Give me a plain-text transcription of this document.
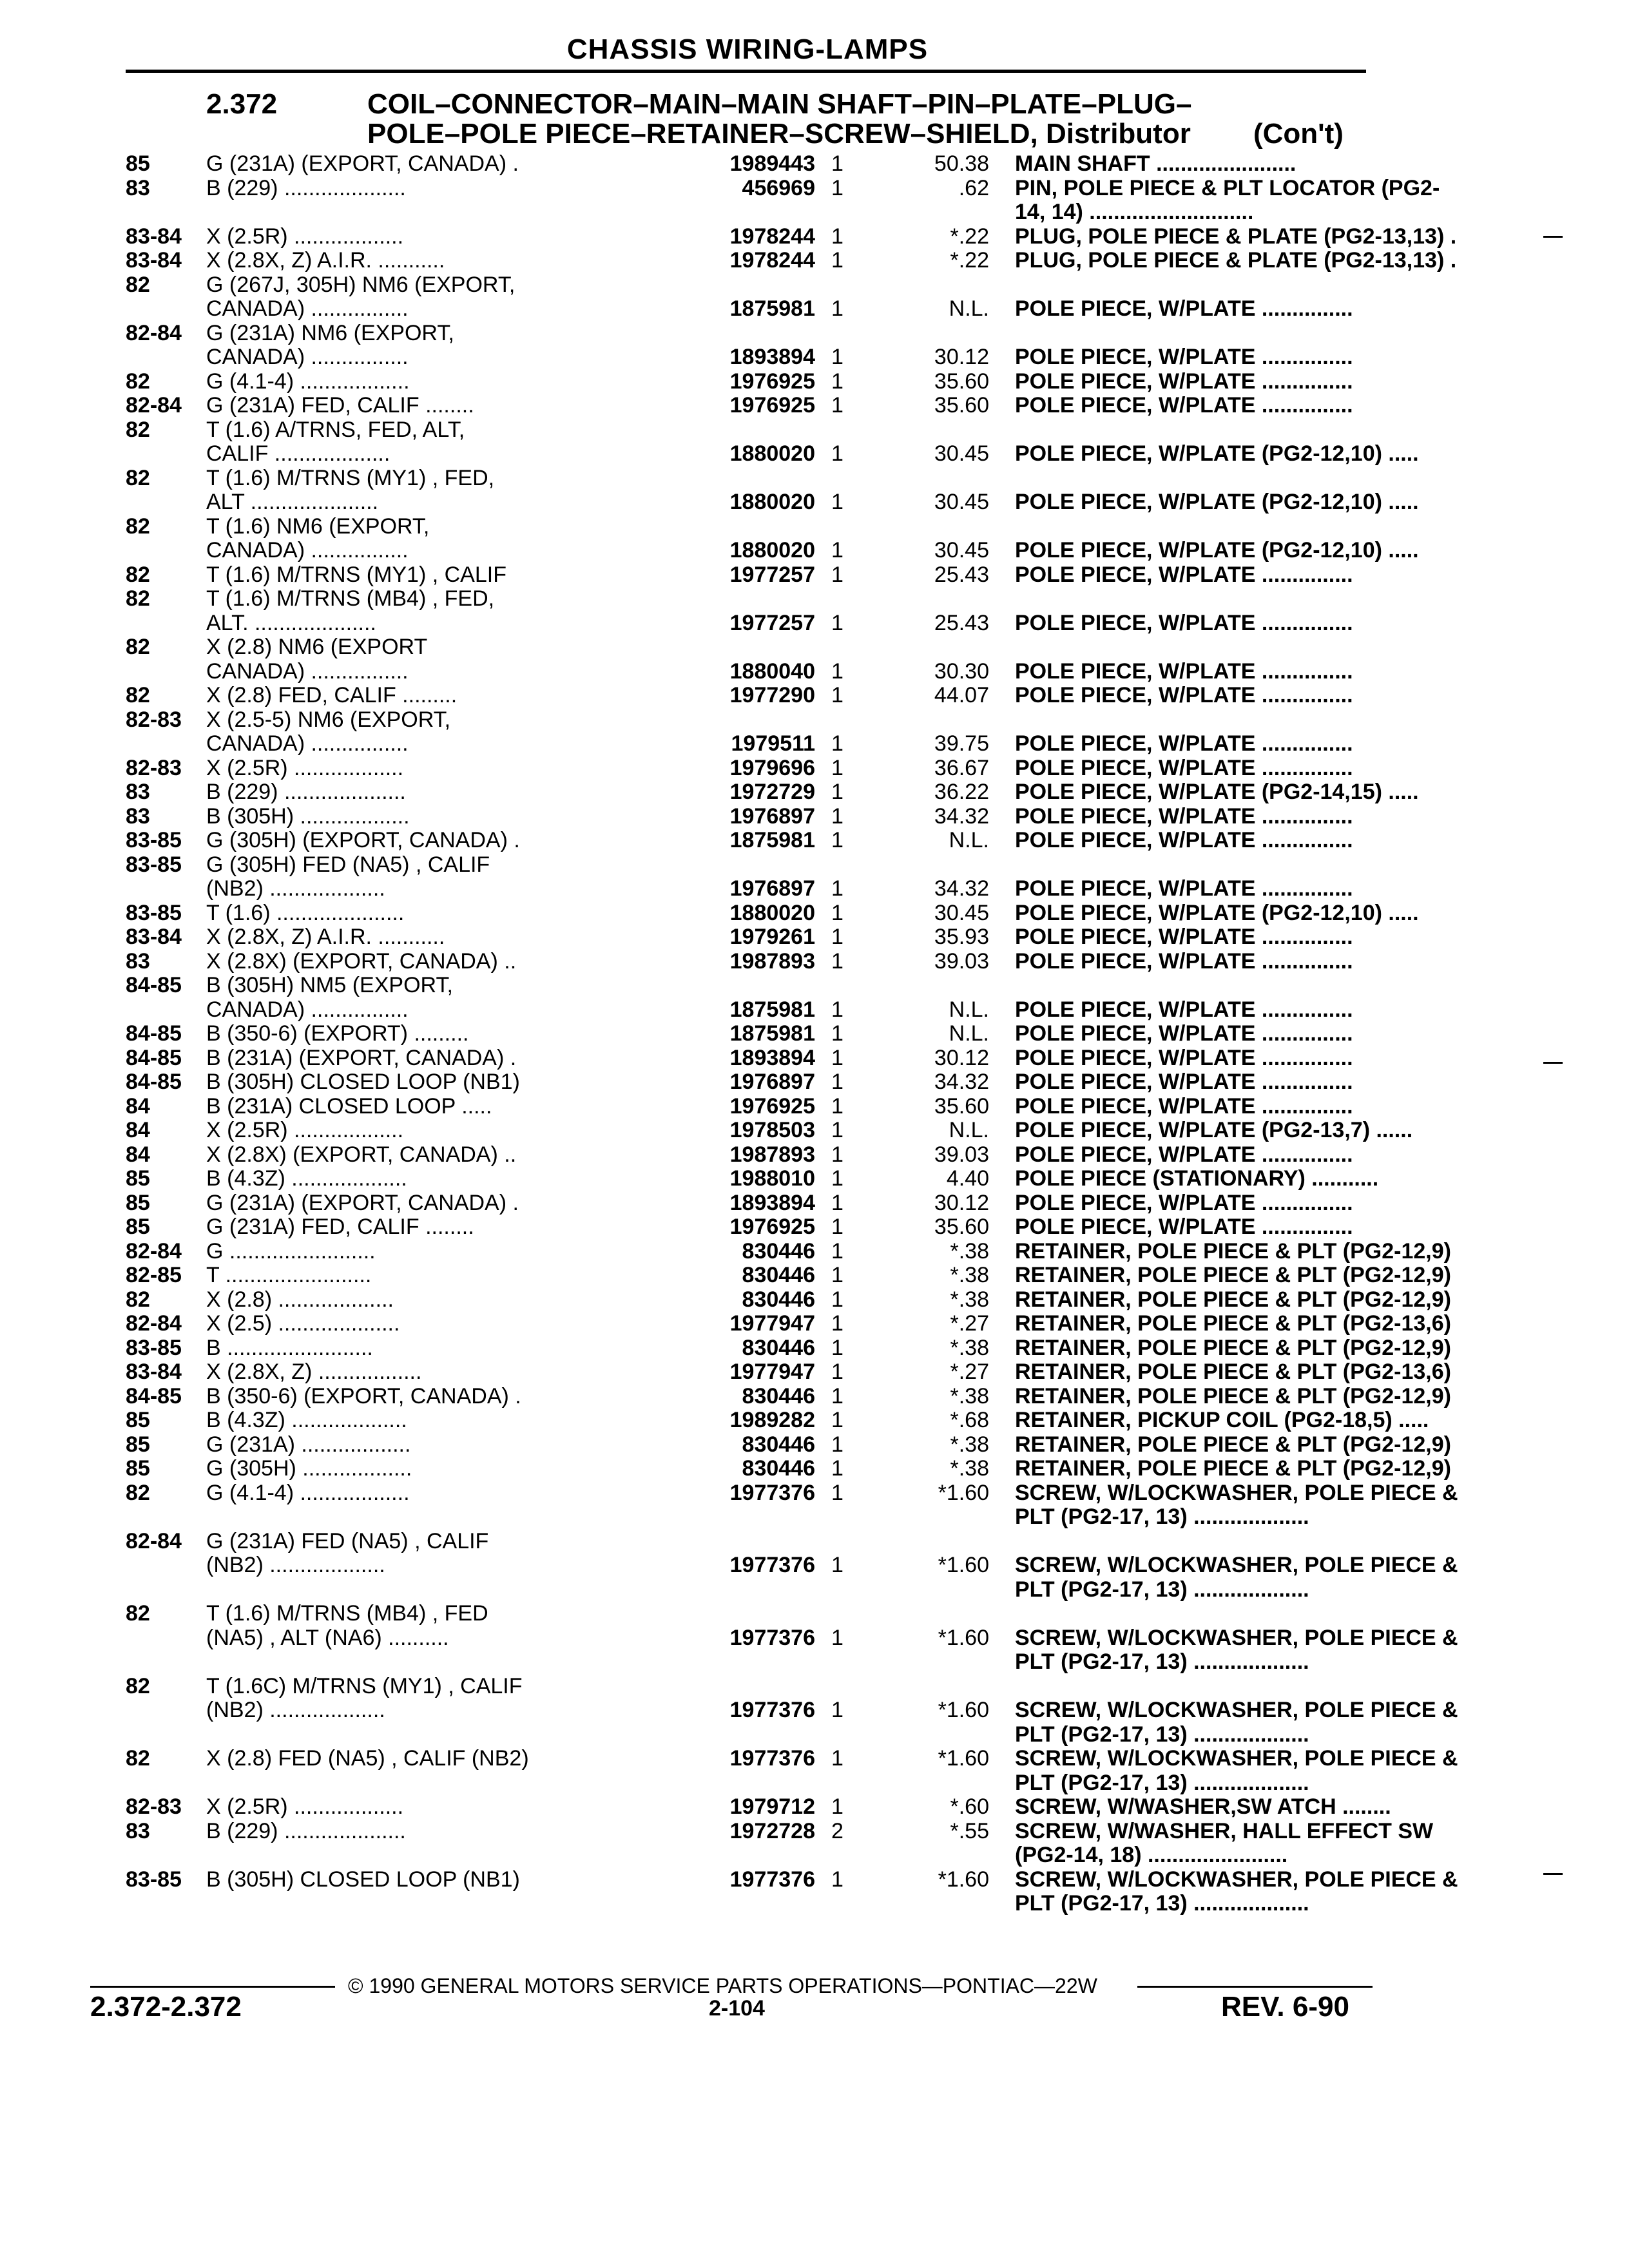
CHASSIS WIRING-LAMPS
2.372	COIL–CONNECTOR–MAIN–MAIN SHAFT–PIN–PLATE–PLUG–
POLE–POLE PIECE–RETAINER–SCREW–SHIELD, Distributor (Con't)
85	G (231A) (EXPORT, CANADA) .	1989443 1	50.38 MAIN SHAFT .......................
83	B (229) ....................	456969 1	.62 PIN, POLE PIECE & PLT LOCATOR (PG2-
14, 14) ...........................
83-84	X (2.5R) ..................	1978244 1	*.22 PLUG, POLE PIECE & PLATE (PG2-13,13) .
83-84	X (2.8X, Z) A.I.R. ...........	1978244 1	*.22 PLUG, POLE PIECE & PLATE (PG2-13,13) .
82	G (267J, 305H) NM6 (EXPORT,
CANADA) ................	1875981 1	N.L. POLE PIECE, W/PLATE ...............
82-84	G (231A) NM6 (EXPORT,
CANADA) ................	1893894 1	30.12 POLE PIECE, W/PLATE ...............
82	G (4.1-4) ..................	1976925 1	35.60 POLE PIECE, W/PLATE ...............
82-84	G (231A) FED, CALIF ........	1976925 1	35.60 POLE PIECE, W/PLATE ...............
82	T (1.6) A/TRNS, FED, ALT,
CALIF ...................	1880020 1	30.45 POLE PIECE, W/PLATE (PG2-12,10) .....
82	T (1.6) M/TRNS (MY1) , FED,
ALT .....................	1880020 1	30.45 POLE PIECE, W/PLATE (PG2-12,10) .....
82	T (1.6) NM6 (EXPORT,
CANADA) ................	1880020 1	30.45 POLE PIECE, W/PLATE (PG2-12,10) .....
82	T (1.6) M/TRNS (MY1) , CALIF	1977257 1	25.43 POLE PIECE, W/PLATE ...............
82	T (1.6) M/TRNS (MB4) , FED,
ALT. ....................	1977257 1	25.43 POLE PIECE, W/PLATE ...............
82	X (2.8) NM6 (EXPORT
CANADA) ................	1880040 1	30.30 POLE PIECE, W/PLATE ...............
82	X (2.8) FED, CALIF .........	1977290 1	44.07 POLE PIECE, W/PLATE ...............
82-83	X (2.5-5) NM6 (EXPORT,
CANADA) ................	1979511 1	39.75 POLE PIECE, W/PLATE ...............
82-83	X (2.5R) ..................	1979696 1	36.67 POLE PIECE, W/PLATE ...............
83	B (229) ....................	1972729 1	36.22 POLE PIECE, W/PLATE (PG2-14,15) .....
83	B (305H) ..................	1976897 1	34.32 POLE PIECE, W/PLATE ...............
83-85	G (305H) (EXPORT, CANADA) .	1875981 1	N.L. POLE PIECE, W/PLATE ...............
83-85	G (305H) FED (NA5) , CALIF
(NB2) ...................	1976897 1	34.32 POLE PIECE, W/PLATE ...............
83-85	T (1.6) .....................	1880020 1	30.45 POLE PIECE, W/PLATE (PG2-12,10) .....
83-84	X (2.8X, Z) A.I.R. ...........	1979261 1	35.93 POLE PIECE, W/PLATE ...............
83	X (2.8X) (EXPORT, CANADA) ..	1987893 1	39.03 POLE PIECE, W/PLATE ...............
84-85	B (305H) NM5 (EXPORT,
CANADA) ................	1875981 1	N.L. POLE PIECE, W/PLATE ...............
84-85	B (350-6) (EXPORT) .........	1875981 1	N.L. POLE PIECE, W/PLATE ...............
84-85	B (231A) (EXPORT, CANADA) .	1893894 1	30.12 POLE PIECE, W/PLATE ...............
84-85	B (305H) CLOSED LOOP (NB1)	1976897 1	34.32 POLE PIECE, W/PLATE ...............
84	B (231A) CLOSED LOOP .....	1976925 1	35.60 POLE PIECE, W/PLATE ...............
84	X (2.5R) ..................	1978503 1	N.L. POLE PIECE, W/PLATE (PG2-13,7) ......
84	X (2.8X) (EXPORT, CANADA) ..	1987893 1	39.03 POLE PIECE, W/PLATE ...............
85	B (4.3Z) ...................	1988010 1	4.40 POLE PIECE (STATIONARY) ...........
85	G (231A) (EXPORT, CANADA) .	1893894 1	30.12 POLE PIECE, W/PLATE ...............
85	G (231A) FED, CALIF ........	1976925 1	35.60 POLE PIECE, W/PLATE ...............
82-84	G ........................	830446 1	*.38 RETAINER, POLE PIECE & PLT (PG2-12,9)
82-85	T ........................	830446 1	*.38 RETAINER, POLE PIECE & PLT (PG2-12,9)
82	X (2.8) ...................	830446 1	*.38 RETAINER, POLE PIECE & PLT (PG2-12,9)
82-84	X (2.5) ....................	1977947 1	*.27 RETAINER, POLE PIECE & PLT (PG2-13,6)
83-85	B ........................	830446 1	*.38 RETAINER, POLE PIECE & PLT (PG2-12,9)
83-84	X (2.8X, Z) .................	1977947 1	*.27 RETAINER, POLE PIECE & PLT (PG2-13,6)
84-85	B (350-6) (EXPORT, CANADA) .	830446 1	*.38 RETAINER, POLE PIECE & PLT (PG2-12,9)
85	B (4.3Z) ...................	1989282 1	*.68 RETAINER, PICKUP COIL (PG2-18,5) .....
85	G (231A) ..................	830446 1	*.38 RETAINER, POLE PIECE & PLT (PG2-12,9)
85	G (305H) ..................	830446 1	*.38 RETAINER, POLE PIECE & PLT (PG2-12,9)
82	G (4.1-4) ..................	1977376 1	*1.60 SCREW, W/LOCKWASHER, POLE PIECE &
PLT (PG2-17, 13) ...................
82-84	G (231A) FED (NA5) , CALIF
(NB2) ...................	1977376 1	*1.60 SCREW, W/LOCKWASHER, POLE PIECE &
PLT (PG2-17, 13) ...................
82	T (1.6) M/TRNS (MB4) , FED
(NA5) , ALT (NA6) ..........	1977376 1	*1.60 SCREW, W/LOCKWASHER, POLE PIECE &
PLT (PG2-17, 13) ...................
82	T (1.6C) M/TRNS (MY1) , CALIF
(NB2) ...................	1977376 1	*1.60 SCREW, W/LOCKWASHER, POLE PIECE &
PLT (PG2-17, 13) ...................
82	X (2.8) FED (NA5) , CALIF (NB2)	1977376 1	*1.60 SCREW, W/LOCKWASHER, POLE PIECE &
PLT (PG2-17, 13) ...................
82-83	X (2.5R) ..................	1979712 1	*.60 SCREW, W/WASHER,SW ATCH ........
83	B (229) ....................	1972728 2	*.55 SCREW, W/WASHER, HALL EFFECT SW
(PG2-14, 18) .......................
83-85	B (305H) CLOSED LOOP (NB1)	1977376 1	*1.60 SCREW, W/LOCKWASHER, POLE PIECE &
PLT (PG2-17, 13) ...................
© 1990 GENERAL MOTORS SERVICE PARTS OPERATIONS—PONTIAC—22W
2.372-2.372	2-104	REV. 6-90
